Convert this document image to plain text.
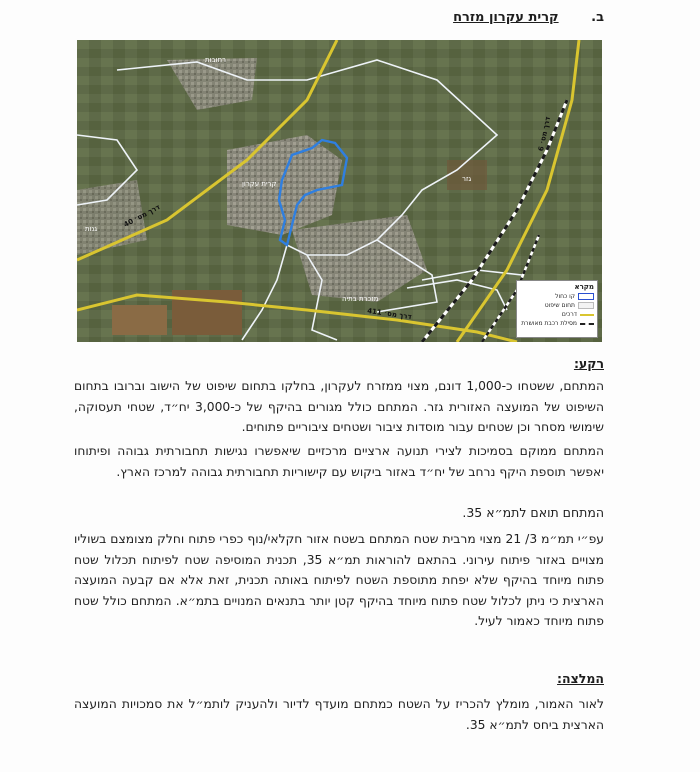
ב. קרית עקרון מזרח
רחובות
קרית עקרון
גזר
גנות
מזכרת בתיה
דרך מס׳ 40
דרך מס׳ 411
דרך מס׳ 6
מקרא
קו כחול
תחום שיפוט
דרכים
מסילת רכבת מאושרת
רקע:
המתחם, ששטחו כ-1,000 דונם, מצוי ממזרח לעקרון, בחלקו בתחום שיפוט של הישוב וברובו בתחום השיפוט של המועצה האזורית גזר. המתחם כולל מגורים בהיקף של כ-3,000 יח״ד, שטחי תעסוקה, שימושי מסחר וכן שטחים עבור מוסדות ציבור ושטחים ציבוריים פתוחים.
המתחם ממוקם בסמיכות לצירי תנועה ארציים מרכזיים שיאפשרו נגישות תחבורתית גבוהה ופיתוחו יאפשר תוספת היקף נרחב של יח״ד באזור ביקוש עם קישוריות תחבורתית גבוהה למרכז הארץ.
המתחם תואם לתמ״א 35.
עפ״י תמ״מ 3/ 21 מצוי מרבית שטח המתחם בשטח אזור חקלאי/נוף כפרי פתוח וחלק מצומצם בשוליו מצויים באזור פיתוח עירוני. בהתאם להוראות תמ״א 35, תכנית המוסיפה שטח לפיתוח תכלול שטח פתוח מיוחד בהיקף שלא יפחת מתוספת השטח לפיתוח באותה תכנית, זאת אלא אם קבעה המועצה הארצית כי ניתן לכלול שטח פתוח מיוחד בהיקף קטן יותר בתנאים המנויים בתמ״א. המתחם כולל שטח פתוח מיוחד כאמור לעיל.
המלצה:
לאור האמור, מומלץ להכריז על השטח כמתחם מועדף לדיור ולהעניק לותמ״ל את סמכויות המועצה הארצית ביחס לתמ״א 35.
